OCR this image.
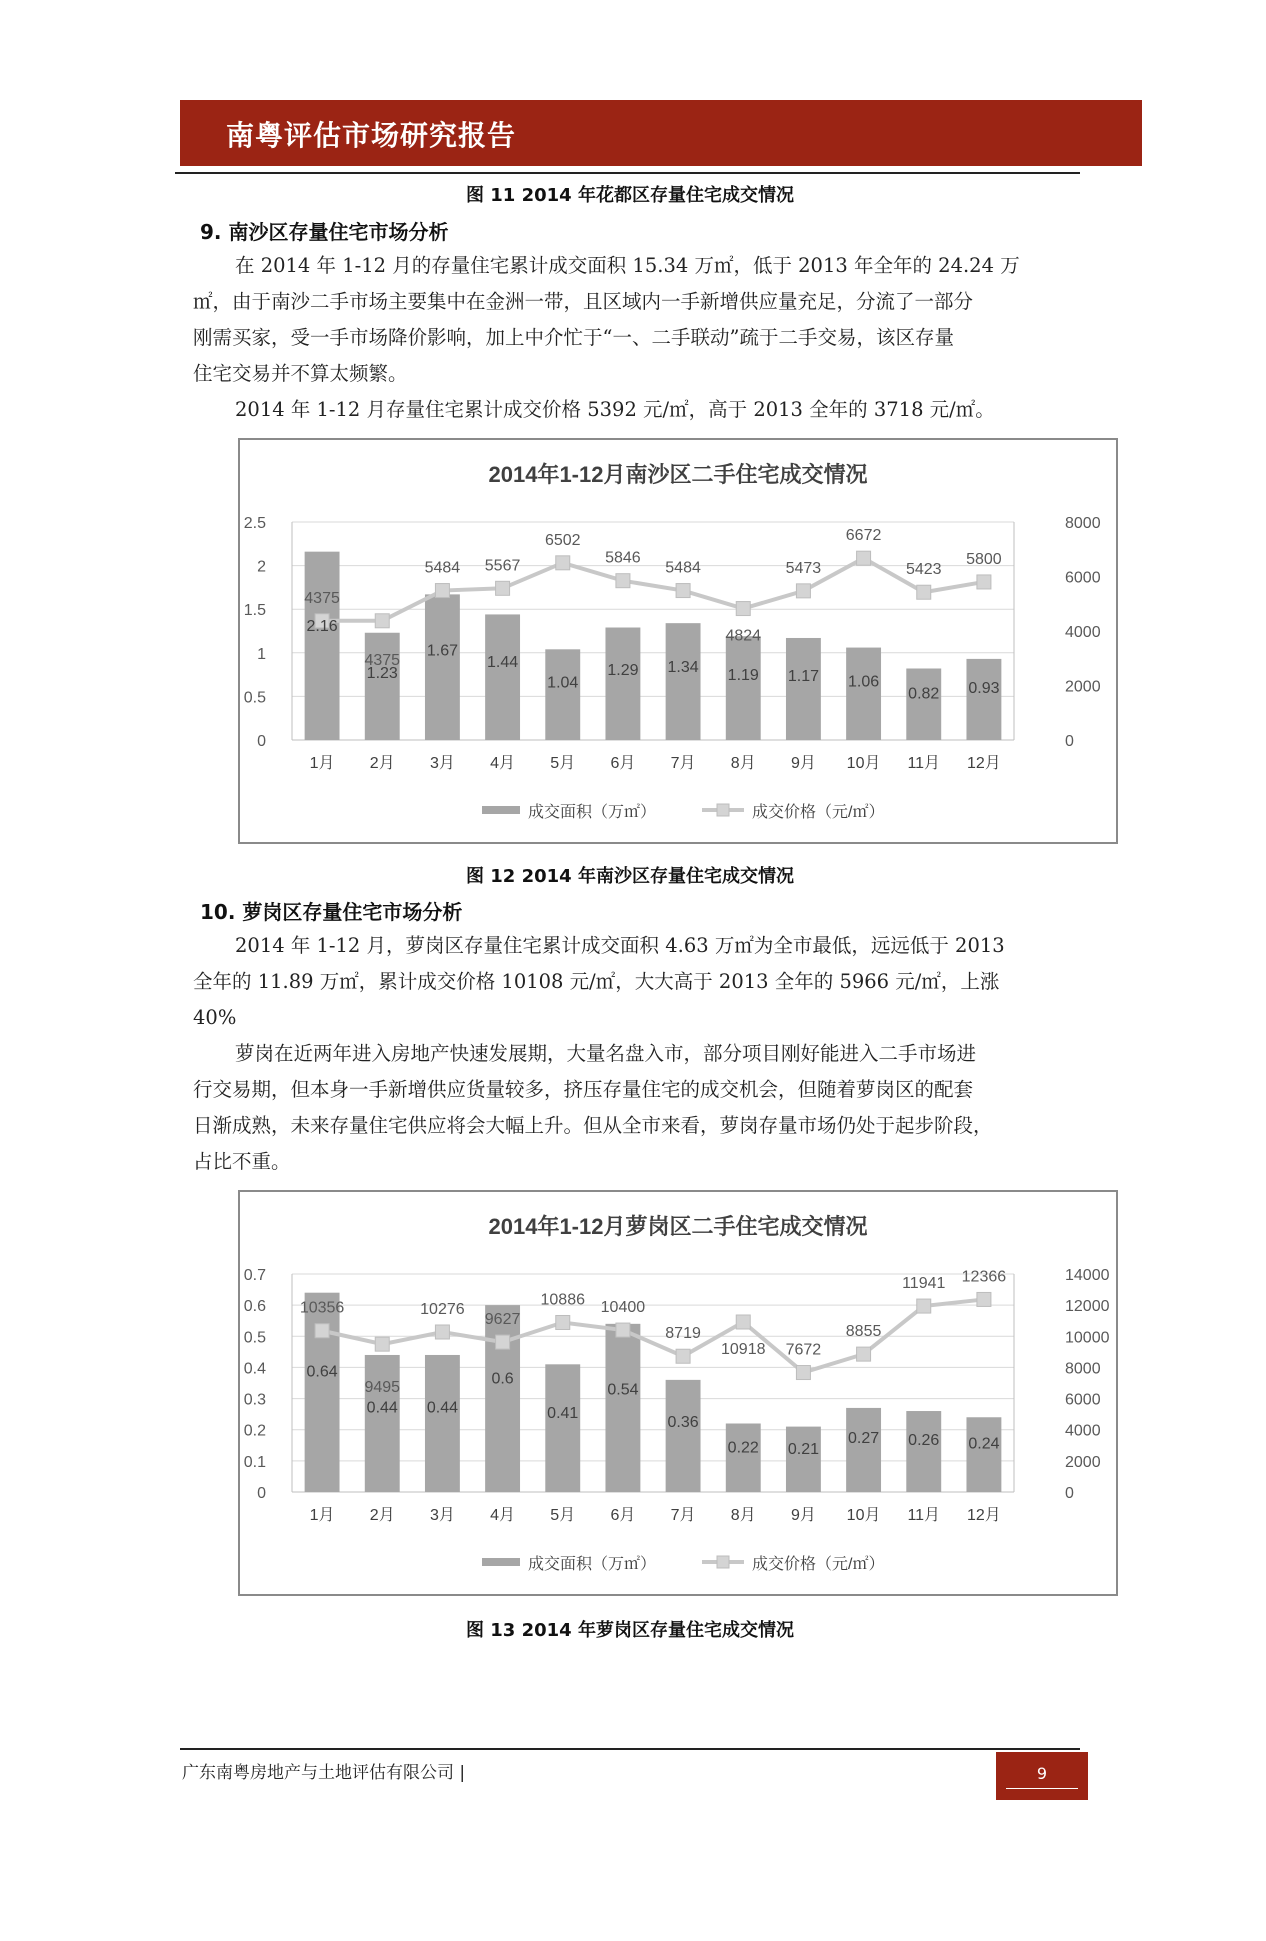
南粤评估市场研究报告
图 11 2014 年花都区存量住宅成交情况
9. 南沙区存量住宅市场分析
在 2014 年 1-12 月的存量住宅累计成交面积 15.34 万㎡，低于 2013 年全年的 24.24 万
㎡，由于南沙二手市场主要集中在金洲一带，且区域内一手新增供应量充足，分流了一部分
刚需买家，受一手市场降价影响，加上中介忙于“一、二手联动”疏于二手交易，该区存量
住宅交易并不算太频繁。
2014 年 1-12 月存量住宅累计成交价格 5392 元/㎡，高于 2013 全年的 3718 元/㎡。
2014年1-12月南沙区二手住宅成交情况
0
0.5
1
1.5
2
2.5
0
2000
4000
6000
8000
1月 2月 3月 4月 5月 6月 7月 8月 9月 10月 11月 12月
2.16
1.23
1.67
1.44
1.04
1.29 1.34 1.19 1.17 1.06
0.82 0.93
4375
4375
5484 5567
6502
5846
5484
4824
5473
6672
5423
5800
成交面积（万㎡）	成交价格（元/㎡）
图 12 2014 年南沙区存量住宅成交情况
10. 萝岗区存量住宅市场分析
2014 年 1-12 月，萝岗区存量住宅累计成交面积 4.63 万㎡为全市最低，远远低于 2013
全年的 11.89 万㎡，累计成交价格 10108 元/㎡，大大高于 2013 全年的 5966 元/㎡，上涨
40%
萝岗在近两年进入房地产快速发展期，大量名盘入市，部分项目刚好能进入二手市场进
行交易期，但本身一手新增供应货量较多，挤压存量住宅的成交机会，但随着萝岗区的配套
日渐成熟，未来存量住宅供应将会大幅上升。但从全市来看，萝岗存量市场仍处于起步阶段，
占比不重。
2014年1-12月萝岗区二手住宅成交情况
0
0.1
0.2
0.3
0.4
0.5
0.6
0.7
0
2000
4000
6000
8000
10000
12000
14000
1月 2月 3月 4月 5月 6月 7月 8月 9月 10月 11月 12月
0.64
0.44 0.44
0.6
0.41
0.54
0.36
0.22 0.21
0.27 0.26 0.24
10356
9495
10276
9627
10886 10400
8719
10918 7672
8855
11941 12366
成交面积（万㎡）	成交价格（元/㎡）
图 13 2014 年萝岗区存量住宅成交情况
广东南粤房地产与土地评估有限公司 |	9
